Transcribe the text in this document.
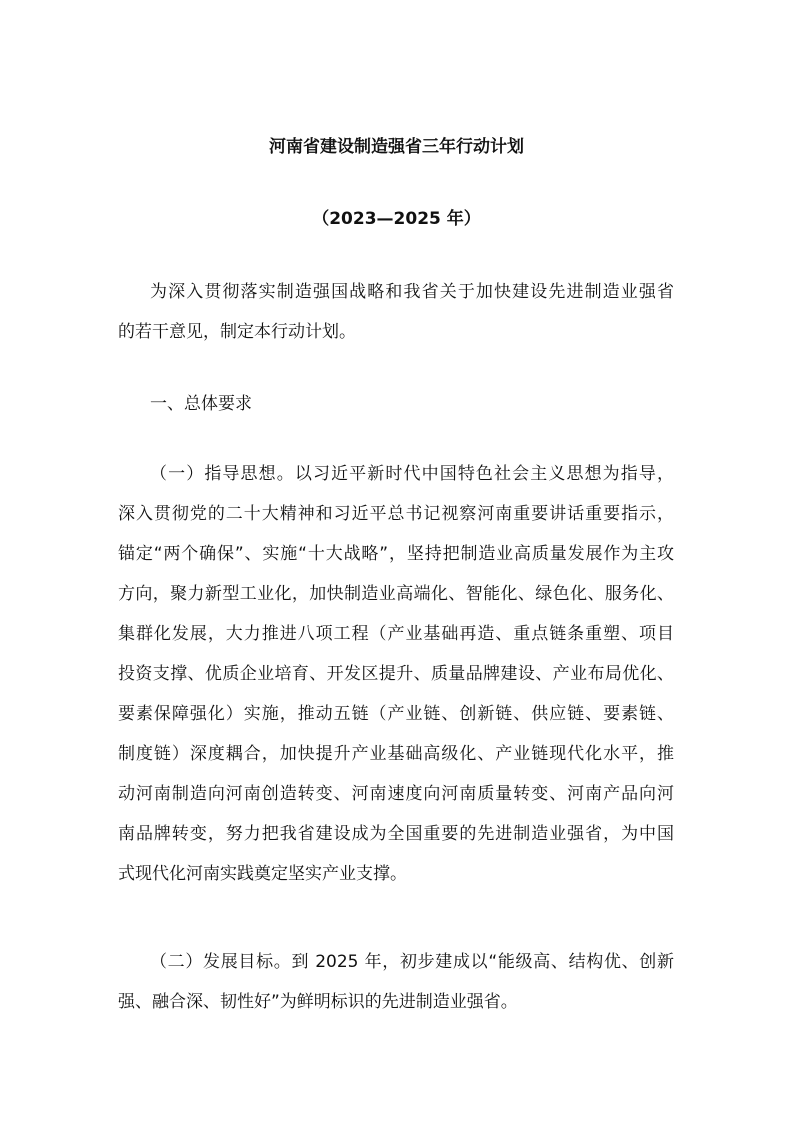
河南省建设制造强省三年行动计划
（2023—2025 年）
为深入贯彻落实制造强国战略和我省关于加快建设先进制造业强省
的若干意见，制定本行动计划。
一、总体要求
（一）指导思想。以习近平新时代中国特色社会主义思想为指导，
深入贯彻党的二十大精神和习近平总书记视察河南重要讲话重要指示，
锚定“两个确保”、实施“十大战略”，坚持把制造业高质量发展作为主攻
方向，聚力新型工业化，加快制造业高端化、智能化、绿色化、服务化、
集群化发展，大力推进八项工程（产业基础再造、重点链条重塑、项目
投资支撑、优质企业培育、开发区提升、质量品牌建设、产业布局优化、
要素保障强化）实施，推动五链（产业链、创新链、供应链、要素链、
制度链）深度耦合，加快提升产业基础高级化、产业链现代化水平，推
动河南制造向河南创造转变、河南速度向河南质量转变、河南产品向河
南品牌转变，努力把我省建设成为全国重要的先进制造业强省，为中国
式现代化河南实践奠定坚实产业支撑。
（二）发展目标。到 2025 年，初步建成以“能级高、结构优、创新
强、融合深、韧性好”为鲜明标识的先进制造业强省。
